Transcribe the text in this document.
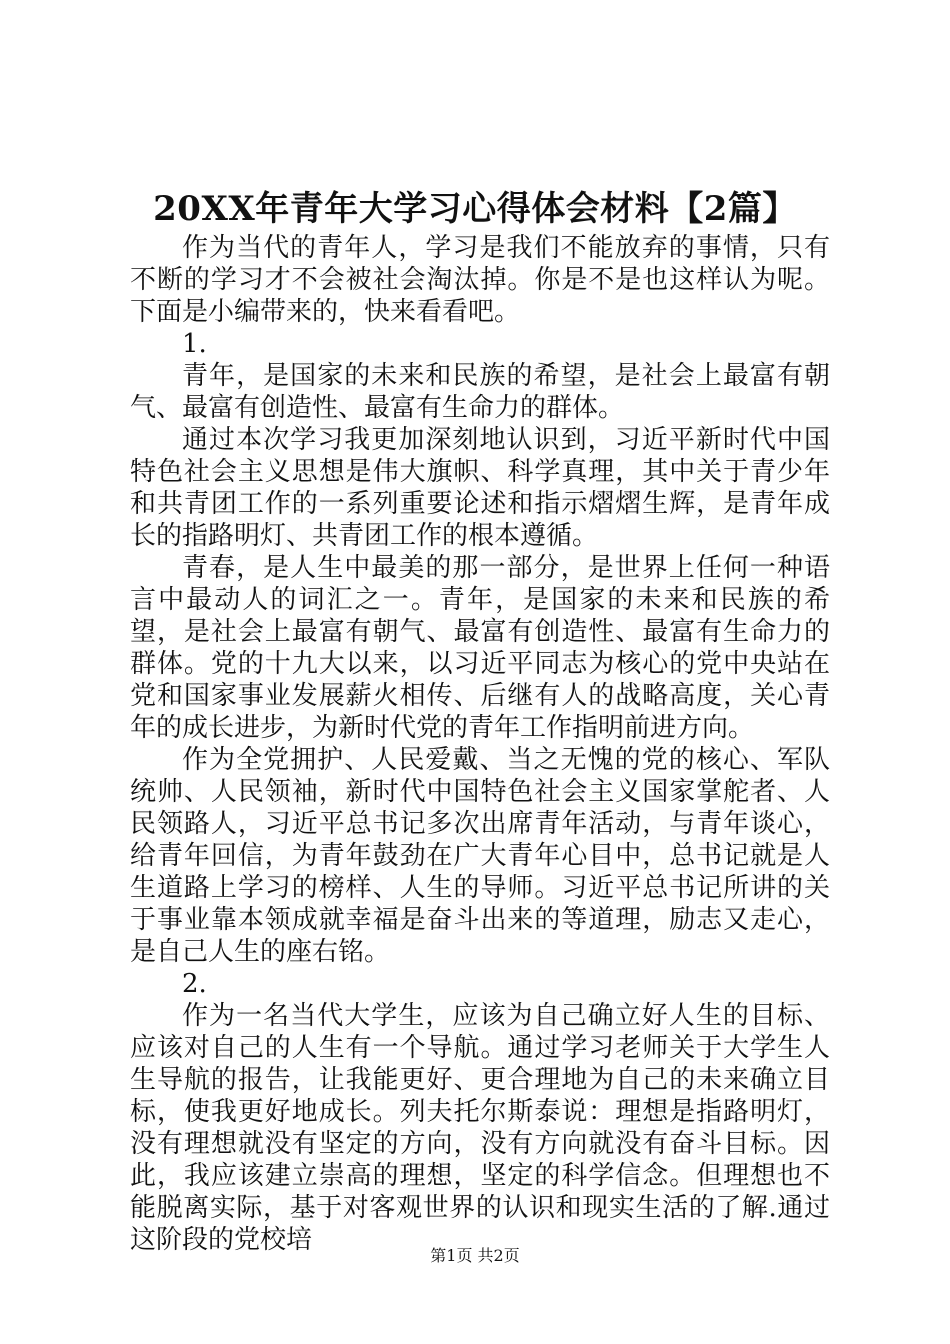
20XX年青年大学习心得体会材料【2篇】

作为当代的青年人，学习是我们不能放弃的事情，只有不断的学习才不会被社会淘汰掉。你是不是也这样认为呢。下面是小编带来的，快来看看吧。

1.

青年，是国家的未来和民族的希望，是社会上最富有朝气、最富有创造性、最富有生命力的群体。

通过本次学习我更加深刻地认识到，习近平新时代中国特色社会主义思想是伟大旗帜、科学真理，其中关于青少年和共青团工作的一系列重要论述和指示熠熠生辉，是青年成长的指路明灯、共青团工作的根本遵循。

青春，是人生中最美的那一部分，是世界上任何一种语言中最动人的词汇之一。青年，是国家的未来和民族的希望，是社会上最富有朝气、最富有创造性、最富有生命力的群体。党的十九大以来，以习近平同志为核心的党中央站在党和国家事业发展薪火相传、后继有人的战略高度，关心青年的成长进步，为新时代党的青年工作指明前进方向。

作为全党拥护、人民爱戴、当之无愧的党的核心、军队统帅、人民领袖，新时代中国特色社会主义国家掌舵者、人民领路人，习近平总书记多次出席青年活动，与青年谈心，给青年回信，为青年鼓劲在广大青年心目中，总书记就是人生道路上学习的榜样、人生的导师。习近平总书记所讲的关于事业靠本领成就幸福是奋斗出来的等道理，励志又走心，是自己人生的座右铭。

2.

作为一名当代大学生，应该为自己确立好人生的目标、应该对自己的人生有一个导航。通过学习老师关于大学生人生导航的报告，让我能更好、更合理地为自己的未来确立目标，使我更好地成长。列夫托尔斯泰说：理想是指路明灯，没有理想就没有坚定的方向，没有方向就没有奋斗目标。因此，我应该建立崇高的理想，坚定的科学信念。但理想也不能脱离实际，基于对客观世界的认识和现实生活的了解.通过这阶段的党校培

第1页 共2页
